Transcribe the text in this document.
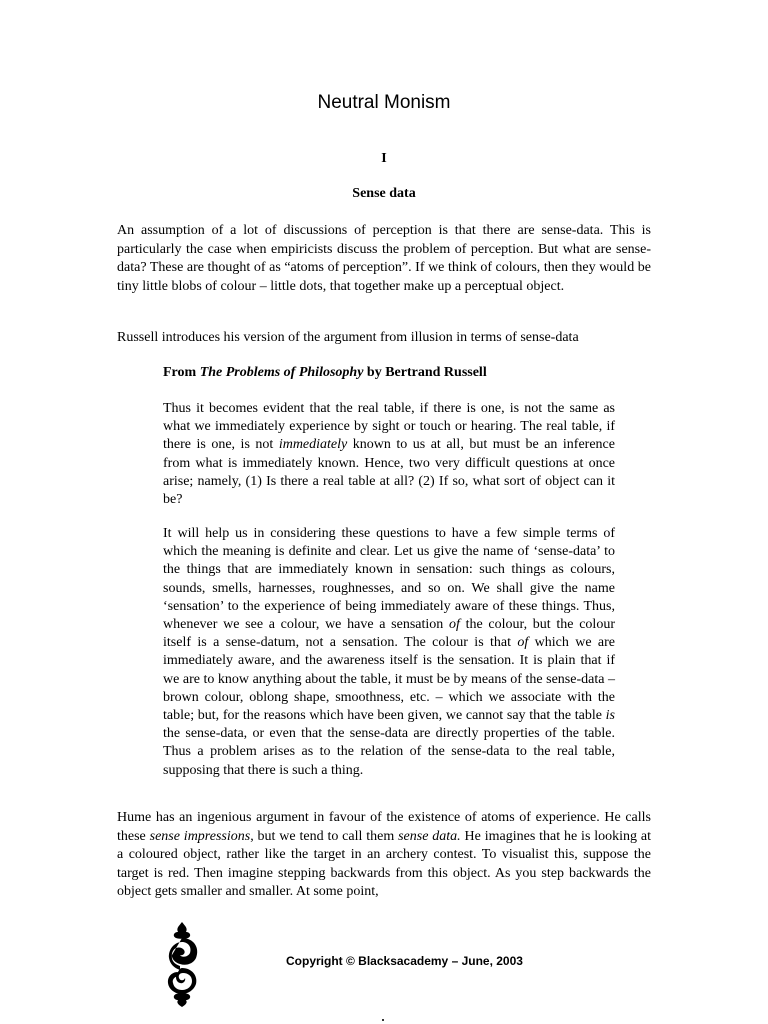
Neutral Monism
I
Sense data

An assumption of a lot of discussions of perception is that there are sense-data. This is particularly the case when empiricists discuss the problem of perception. But what are sense-data? These are thought of as “atoms of perception”. If we think of colours, then they would be tiny little blobs of colour – little dots, that together make up a perceptual object.

Russell introduces his version of the argument from illusion in terms of sense-data

From The Problems of Philosophy by Bertrand Russell

Thus it becomes evident that the real table, if there is one, is not the same as what we immediately experience by sight or touch or hearing. The real table, if there is one, is not immediately known to us at all, but must be an inference from what is immediately known. Hence, two very difficult questions at once arise; namely, (1) Is there a real table at all? (2) If so, what sort of object can it be?

It will help us in considering these questions to have a few simple terms of which the meaning is definite and clear. Let us give the name of ‘sense-data’ to the things that are immediately known in sensation: such things as colours, sounds, smells, harnesses, roughnesses, and so on. We shall give the name ‘sensation’ to the experience of being immediately aware of these things. Thus, whenever we see a colour, we have a sensation of the colour, but the colour itself is a sense-datum, not a sensation. The colour is that of which we are immediately aware, and the awareness itself is the sensation. It is plain that if we are to know anything about the table, it must be by means of the sense-data – brown colour, oblong shape, smoothness, etc. – which we associate with the table; but, for the reasons which have been given, we cannot say that the table is the sense-data, or even that the sense-data are directly properties of the table. Thus a problem arises as to the relation of the sense-data to the real table, supposing that there is such a thing.

Hume has an ingenious argument in favour of the existence of atoms of experience. He calls these sense impressions, but we tend to call them sense data. He imagines that he is looking at a coloured object, rather like the target in an archery contest. To visualist this, suppose the target is red. Then imagine stepping backwards from this object. As you step backwards the object gets smaller and smaller. At some point,

Copyright © Blacksacademy – June, 2003
